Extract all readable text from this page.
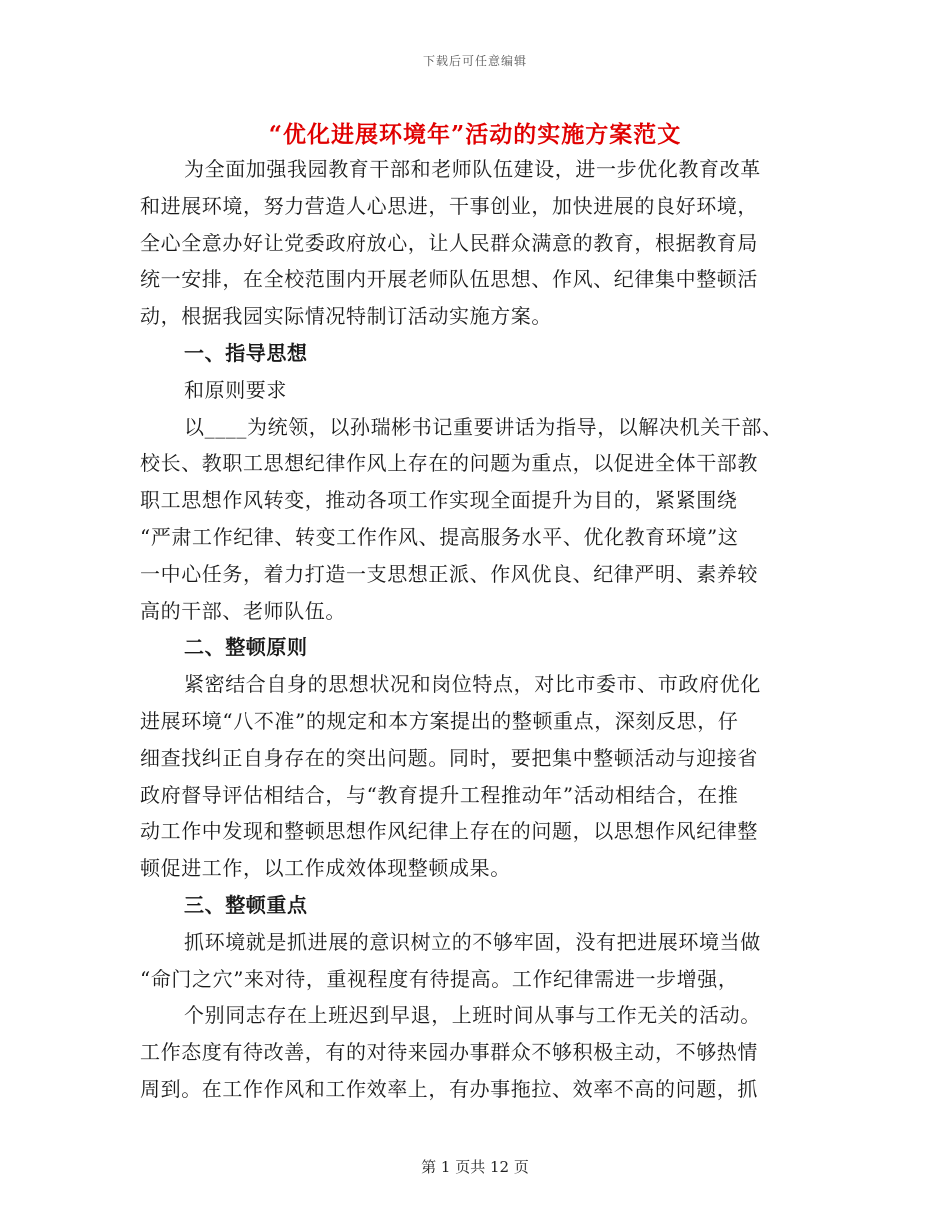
下载后可任意编辑
“优化进展环境年”活动的实施方案范文
为全面加强我园教育干部和老师队伍建设，进一步优化教育改革
和进展环境，努力营造人心思进，干事创业，加快进展的良好环境，
全心全意办好让党委政府放心，让人民群众满意的教育，根据教育局
统一安排，在全校范围内开展老师队伍思想、作风、纪律集中整顿活
动，根据我园实际情况特制订活动实施方案。
一、指导思想
和原则要求
以____为统领，以孙瑞彬书记重要讲话为指导，以解决机关干部、
校长、教职工思想纪律作风上存在的问题为重点，以促进全体干部教
职工思想作风转变，推动各项工作实现全面提升为目的，紧紧围绕
“严肃工作纪律、转变工作作风、提高服务水平、优化教育环境”这
一中心任务，着力打造一支思想正派、作风优良、纪律严明、素养较
高的干部、老师队伍。
二、整顿原则
紧密结合自身的思想状况和岗位特点，对比市委市、市政府优化
进展环境“八不准”的规定和本方案提出的整顿重点，深刻反思，仔
细查找纠正自身存在的突出问题。同时，要把集中整顿活动与迎接省
政府督导评估相结合，与“教育提升工程推动年”活动相结合，在推
动工作中发现和整顿思想作风纪律上存在的问题，以思想作风纪律整
顿促进工作，以工作成效体现整顿成果。
三、整顿重点
抓环境就是抓进展的意识树立的不够牢固，没有把进展环境当做
“命门之穴”来对待，重视程度有待提高。工作纪律需进一步增强，
个别同志存在上班迟到早退，上班时间从事与工作无关的活动。
工作态度有待改善，有的对待来园办事群众不够积极主动，不够热情
周到。在工作作风和工作效率上，有办事拖拉、效率不高的问题，抓
第 1 页共 12 页
